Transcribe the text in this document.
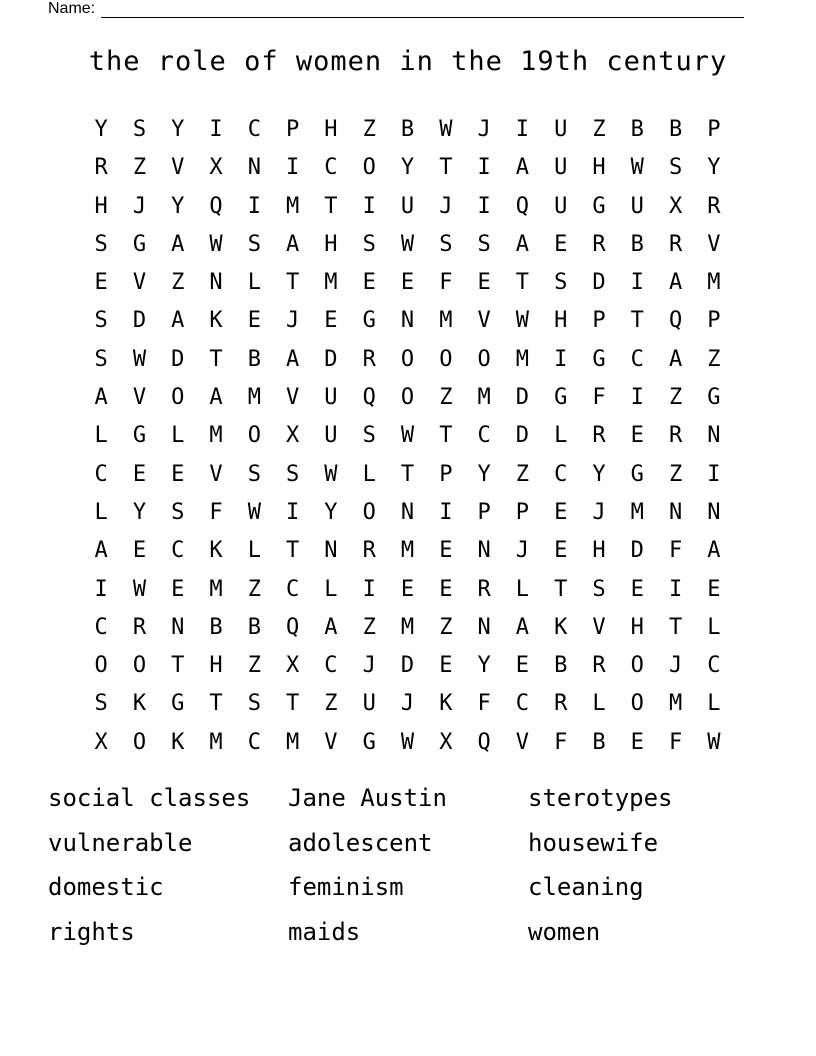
Name:
the role of women in the 19th century
Y	S	Y	I	C	P	H	Z	B	W	J	I	U	Z	B	B	P
R	Z	V	X	N	I	C	O	Y	T	I	A	U	H	W	S	Y
H	J	Y	Q	I	M	T	I	U	J	I	Q	U	G	U	X	R
S	G	A	W	S	A	H	S	W	S	S	A	E	R	B	R	V
E	V	Z	N	L	T	M	E	E	F	E	T	S	D	I	A	M
S	D	A	K	E	J	E	G	N	M	V	W	H	P	T	Q	P
S	W	D	T	B	A	D	R	O	O	O	M	I	G	C	A	Z
A	V	O	A	M	V	U	Q	O	Z	M	D	G	F	I	Z	G
L	G	L	M	O	X	U	S	W	T	C	D	L	R	E	R	N
C	E	E	V	S	S	W	L	T	P	Y	Z	C	Y	G	Z	I
L	Y	S	F	W	I	Y	O	N	I	P	P	E	J	M	N	N
A	E	C	K	L	T	N	R	M	E	N	J	E	H	D	F	A
I	W	E	M	Z	C	L	I	E	E	R	L	T	S	E	I	E
C	R	N	B	B	Q	A	Z	M	Z	N	A	K	V	H	T	L
O	O	T	H	Z	X	C	J	D	E	Y	E	B	R	O	J	C
S	K	G	T	S	T	Z	U	J	K	F	C	R	L	O	M	L
X	O	K	M	C	M	V	G	W	X	Q	V	F	B	E	F	W
social classes	Jane Austin	sterotypes
vulnerable	adolescent	housewife
domestic	feminism	cleaning
rights	maids	women
